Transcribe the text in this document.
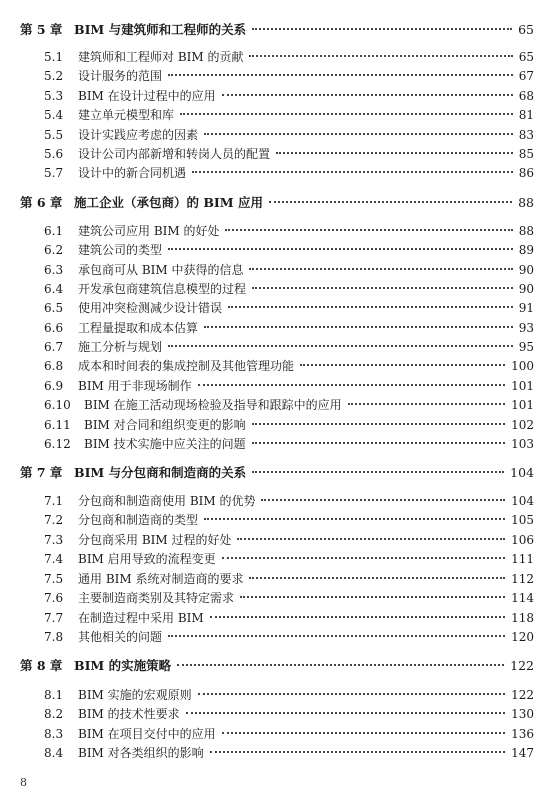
第 5 章 BIM 与建筑师和工程师的关系	65
5.1	建筑师和工程师对 BIM 的贡献	65
5.2	设计服务的范围	67
5.3	BIM 在设计过程中的应用	68
5.4	建立单元模型和库	81
5.5	设计实践应考虑的因素	83
5.6	设计公司内部新增和转岗人员的配置	85
5.7	设计中的新合同机遇	86
第 6 章 施工企业（承包商）的 BIM 应用	88
6.1	建筑公司应用 BIM 的好处	88
6.2	建筑公司的类型	89
6.3	承包商可从 BIM 中获得的信息	90
6.4	开发承包商建筑信息模型的过程	90
6.5	使用冲突检测减少设计错误	91
6.6	工程量提取和成本估算	93
6.7	施工分析与规划	95
6.8	成本和时间表的集成控制及其他管理功能	100
6.9	BIM 用于非现场制作	101
6.10	BIM 在施工活动现场检验及指导和跟踪中的应用	101
6.11	BIM 对合同和组织变更的影响	102
6.12	BIM 技术实施中应关注的问题	103
第 7 章 BIM 与分包商和制造商的关系	104
7.1	分包商和制造商使用 BIM 的优势	104
7.2	分包商和制造商的类型	105
7.3	分包商采用 BIM 过程的好处	106
7.4	BIM 启用导致的流程变更	111
7.5	通用 BIM 系统对制造商的要求	112
7.6	主要制造商类别及其特定需求	114
7.7	在制造过程中采用 BIM	118
7.8	其他相关的问题	120
第 8 章 BIM 的实施策略	122
8.1	BIM 实施的宏观原则	122
8.2	BIM 的技术性要求	130
8.3	BIM 在项目交付中的应用	136
8.4	BIM 对各类组织的影响	147
8
